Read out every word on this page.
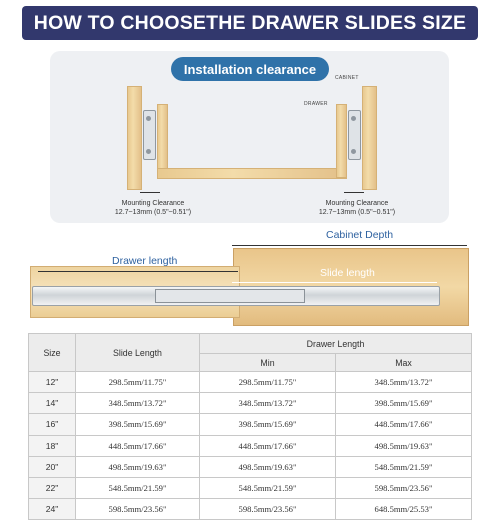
HOW TO CHOOSETHE DRAWER SLIDES SIZE
Installation clearance
CABINET
DRAWER
Mounting Clearance
12.7~13mm (0.5"~0.51")
Mounting Clearance
12.7~13mm (0.5"~0.51")
Cabinet Depth
Drawer length
Slide length
Size	Slide Length	Drawer Length	
		Min	Max
12"	298.5mm/11.75"	298.5mm/11.75"	348.5mm/13.72"
14"	348.5mm/13.72"	348.5mm/13.72"	398.5mm/15.69"
16"	398.5mm/15.69"	398.5mm/15.69"	448.5mm/17.66"
18"	448.5mm/17.66"	448.5mm/17.66"	498.5mm/19.63"
20"	498.5mm/19.63"	498.5mm/19.63"	548.5mm/21.59"
22"	548.5mm/21.59"	548.5mm/21.59"	598.5mm/23.56"
24"	598.5mm/23.56"	598.5mm/23.56"	648.5mm/25.53"
